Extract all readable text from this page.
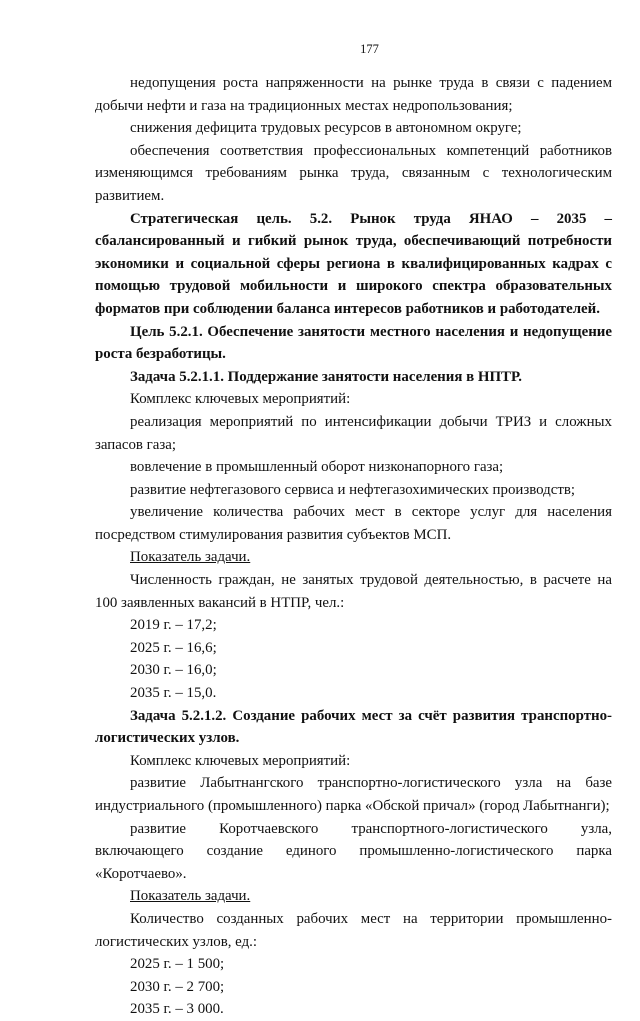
177

недопущения роста напряженности на рынке труда в связи с падением добычи нефти и газа на традиционных местах недропользования;

снижения дефицита трудовых ресурсов в автономном округе;

обеспечения соответствия профессиональных компетенций работников изменяющимся требованиям рынка труда, связанным с технологическим развитием.

Стратегическая цель. 5.2. Рынок труда ЯНАО – 2035 – сбалансированный и гибкий рынок труда, обеспечивающий потребности экономики и социальной сферы региона в квалифицированных кадрах с помощью трудовой мобильности и широкого спектра образовательных форматов при соблюдении баланса интересов работников и работодателей.

Цель 5.2.1. Обеспечение занятости местного населения и недопущение роста безработицы.

Задача 5.2.1.1. Поддержание занятости населения в НПТР.

Комплекс ключевых мероприятий:

реализация мероприятий по интенсификации добычи ТРИЗ и сложных запасов газа;

вовлечение в промышленный оборот низконапорного газа;

развитие нефтегазового сервиса и нефтегазохимических производств;

увеличение количества рабочих мест в секторе услуг для населения посредством стимулирования развития субъектов МСП.

Показатель задачи.

Численность граждан, не занятых трудовой деятельностью, в расчете на 100 заявленных вакансий в НТПР, чел.:

2019 г. – 17,2;
2025 г. – 16,6;
2030 г. – 16,0;
2035 г. – 15,0.

Задача 5.2.1.2. Создание рабочих мест за счёт развития транспортно-логистических узлов.

Комплекс ключевых мероприятий:

развитие Лабытнангского транспортно-логистического узла на базе индустриального (промышленного) парка «Обской причал» (город Лабытнанги);

развитие Коротчаевского транспортного-логистического узла, включающего создание единого промышленно-логистического парка «Коротчаево».

Показатель задачи.

Количество созданных рабочих мест на территории промышленно-логистических узлов, ед.:

2025 г. – 1 500;
2030 г. – 2 700;
2035 г. – 3 000.
